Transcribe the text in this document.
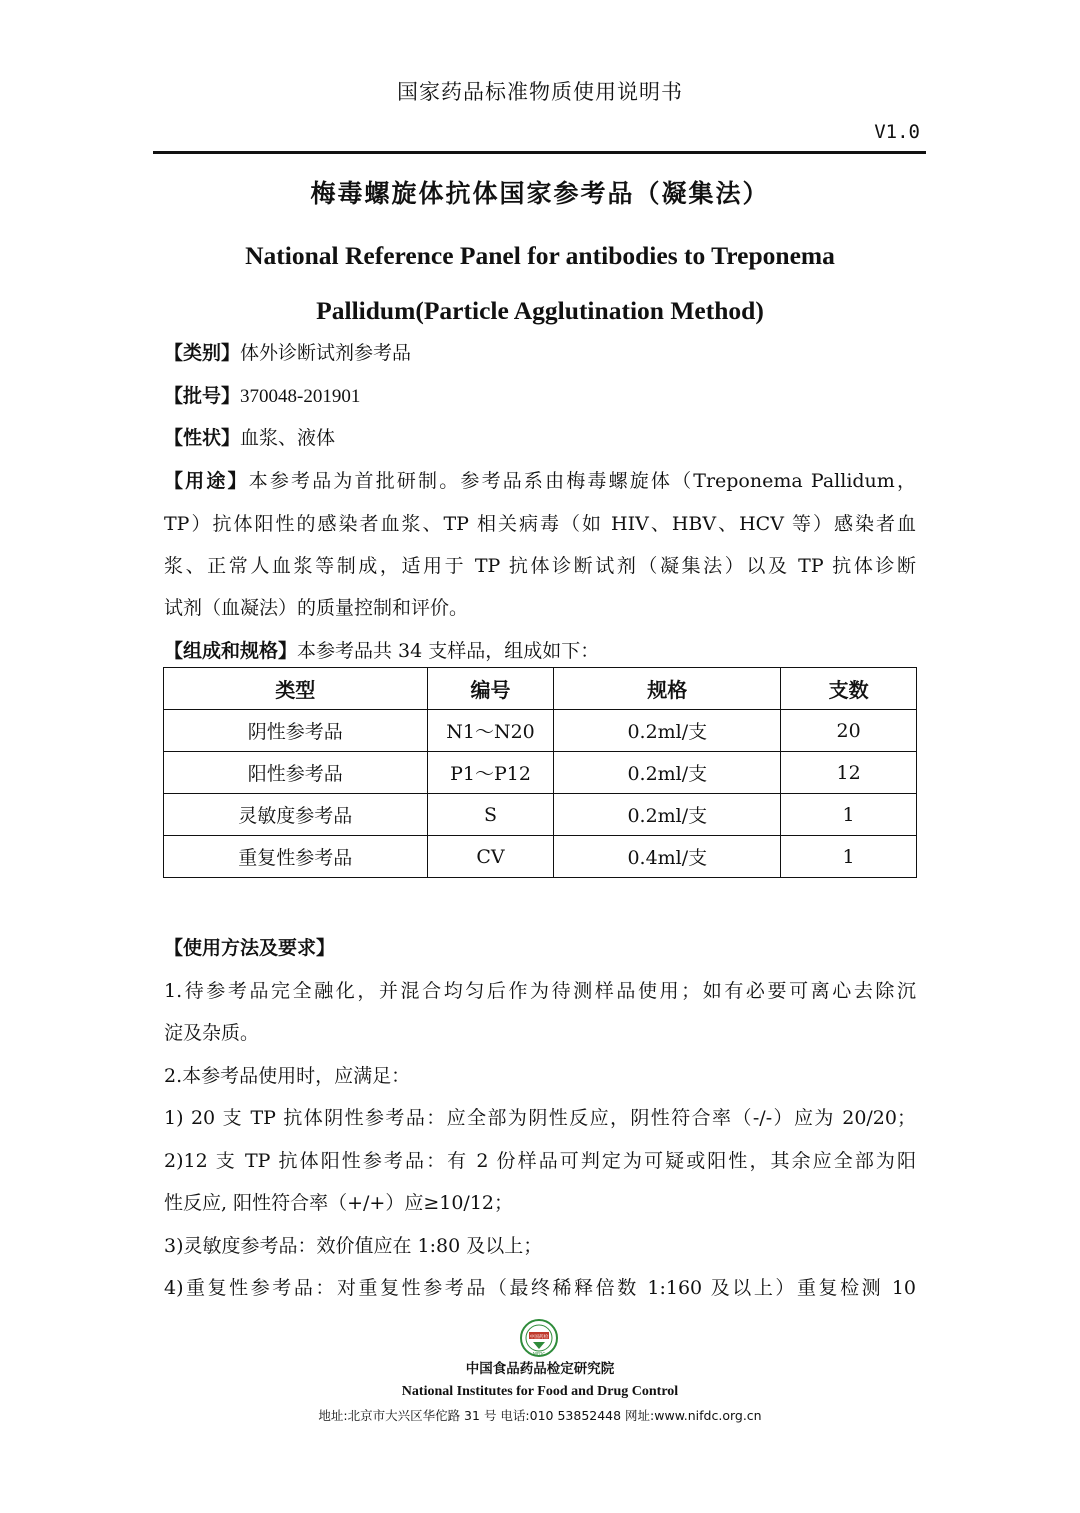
国家药品标准物质使用说明书
V1.0
梅毒螺旋体抗体国家参考品（凝集法）
National Reference Panel for antibodies to Treponema
Pallidum(Particle Agglutination Method)
【类别】体外诊断试剂参考品
【批号】370048-201901
【性状】血浆、液体
【用途】本参考品为首批研制。参考品系由梅毒螺旋体（Treponema Pallidum，
TP）抗体阳性的感染者血浆、TP 相关病毒（如 HIV、HBV、HCV 等）感染者血
浆、正常人血浆等制成，适用于 TP 抗体诊断试剂（凝集法）以及 TP 抗体诊断
试剂（血凝法）的质量控制和评价。
【组成和规格】本参考品共 34 支样品，组成如下：
类型	编号	规格	支数
阴性参考品	N1～N20	0.2ml/支	20
阳性参考品	P1～P12	0.2ml/支	12
灵敏度参考品	S	0.2ml/支	1
重复性参考品	CV	0.4ml/支	1
【使用方法及要求】
1.待参考品完全融化，并混合均匀后作为待测样品使用；如有必要可离心去除沉
淀及杂质。
2.本参考品使用时，应满足：
1) 20 支 TP 抗体阴性参考品：应全部为阴性反应，阴性符合率（-/-）应为 20/20；
2)12 支 TP 抗体阳性参考品：有 2 份样品可判定为可疑或阳性，其余应全部为阳
性反应, 阳性符合率（+/+）应≥10/12；
3)灵敏度参考品：效价值应在 1:80 及以上；
4)重复性参考品：对重复性参考品（最终稀释倍数 1:160 及以上）重复检测 10
中国药检
NIFDC
中国食品药品检定研究院
National Institutes for Food and Drug Control
地址:北京市大兴区华佗路 31 号 电话:010 53852448 网址:www.nifdc.org.cn
